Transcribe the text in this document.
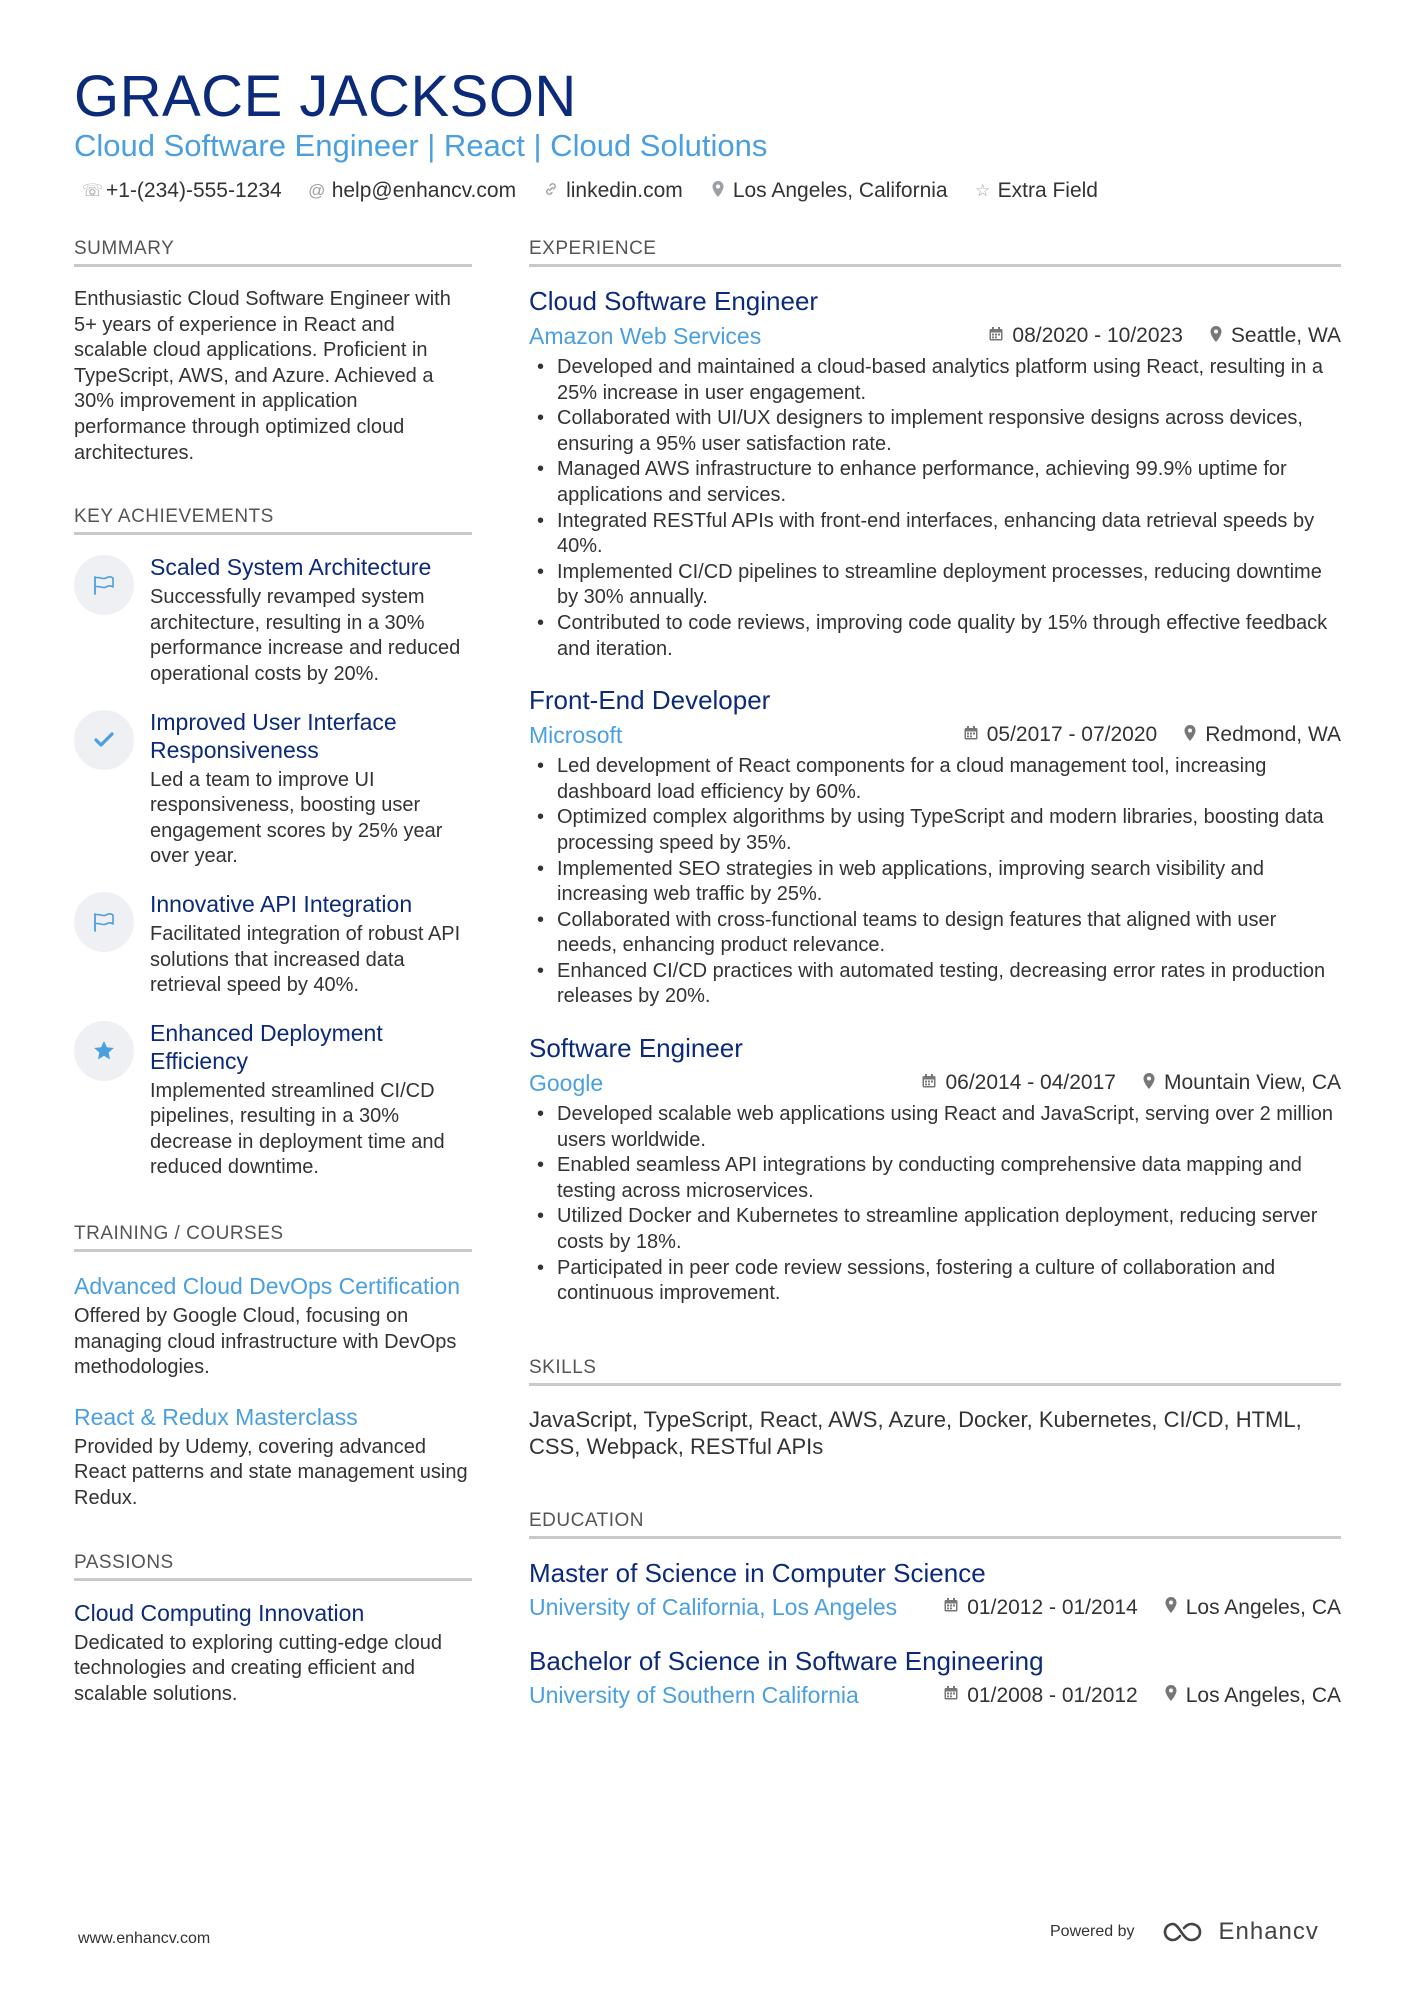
GRACE JACKSON
Cloud Software Engineer | React | Cloud Solutions
☏ +1-(234)-555-1234 @ help@enhancv.com linkedin.com Los Angeles, California ☆ Extra Field
SUMMARY
Enthusiastic Cloud Software Engineer with 5+ years of experience in React and scalable cloud applications. Proficient in TypeScript, AWS, and Azure. Achieved a 30% improvement in application performance through optimized cloud architectures.
KEY ACHIEVEMENTS
Scaled System Architecture
Successfully revamped system architecture, resulting in a 30% performance increase and reduced operational costs by 20%.
Improved User Interface Responsiveness
Led a team to improve UI responsiveness, boosting user engagement scores by 25% year over year.
Innovative API Integration
Facilitated integration of robust API solutions that increased data retrieval speed by 40%.
Enhanced Deployment Efficiency
Implemented streamlined CI/CD pipelines, resulting in a 30% decrease in deployment time and reduced downtime.
TRAINING / COURSES
Advanced Cloud DevOps Certification
Offered by Google Cloud, focusing on managing cloud infrastructure with DevOps methodologies.
React & Redux Masterclass
Provided by Udemy, covering advanced React patterns and state management using Redux.
PASSIONS
Cloud Computing Innovation
Dedicated to exploring cutting-edge cloud technologies and creating efficient and scalable solutions.
EXPERIENCE
Cloud Software Engineer
Amazon Web Services	08/2020 - 10/2023 Seattle, WA
• Developed and maintained a cloud-based analytics platform using React, resulting in a 25% increase in user engagement.
• Collaborated with UI/UX designers to implement responsive designs across devices, ensuring a 95% user satisfaction rate.
• Managed AWS infrastructure to enhance performance, achieving 99.9% uptime for applications and services.
• Integrated RESTful APIs with front-end interfaces, enhancing data retrieval speeds by 40%.
• Implemented CI/CD pipelines to streamline deployment processes, reducing downtime by 30% annually.
• Contributed to code reviews, improving code quality by 15% through effective feedback and iteration.
Front-End Developer
Microsoft	05/2017 - 07/2020 Redmond, WA
• Led development of React components for a cloud management tool, increasing dashboard load efficiency by 60%.
• Optimized complex algorithms by using TypeScript and modern libraries, boosting data processing speed by 35%.
• Implemented SEO strategies in web applications, improving search visibility and increasing web traffic by 25%.
• Collaborated with cross-functional teams to design features that aligned with user needs, enhancing product relevance.
• Enhanced CI/CD practices with automated testing, decreasing error rates in production releases by 20%.
Software Engineer
Google	06/2014 - 04/2017 Mountain View, CA
• Developed scalable web applications using React and JavaScript, serving over 2 million users worldwide.
• Enabled seamless API integrations by conducting comprehensive data mapping and testing across microservices.
• Utilized Docker and Kubernetes to streamline application deployment, reducing server costs by 18%.
• Participated in peer code review sessions, fostering a culture of collaboration and continuous improvement.
SKILLS
JavaScript, TypeScript, React, AWS, Azure, Docker, Kubernetes, CI/CD, HTML, CSS, Webpack, RESTful APIs
EDUCATION
Master of Science in Computer Science
University of California, Los Angeles	01/2012 - 01/2014 Los Angeles, CA
Bachelor of Science in Software Engineering
University of Southern California	01/2008 - 01/2012 Los Angeles, CA
www.enhancv.com	Powered by	Enhancv
